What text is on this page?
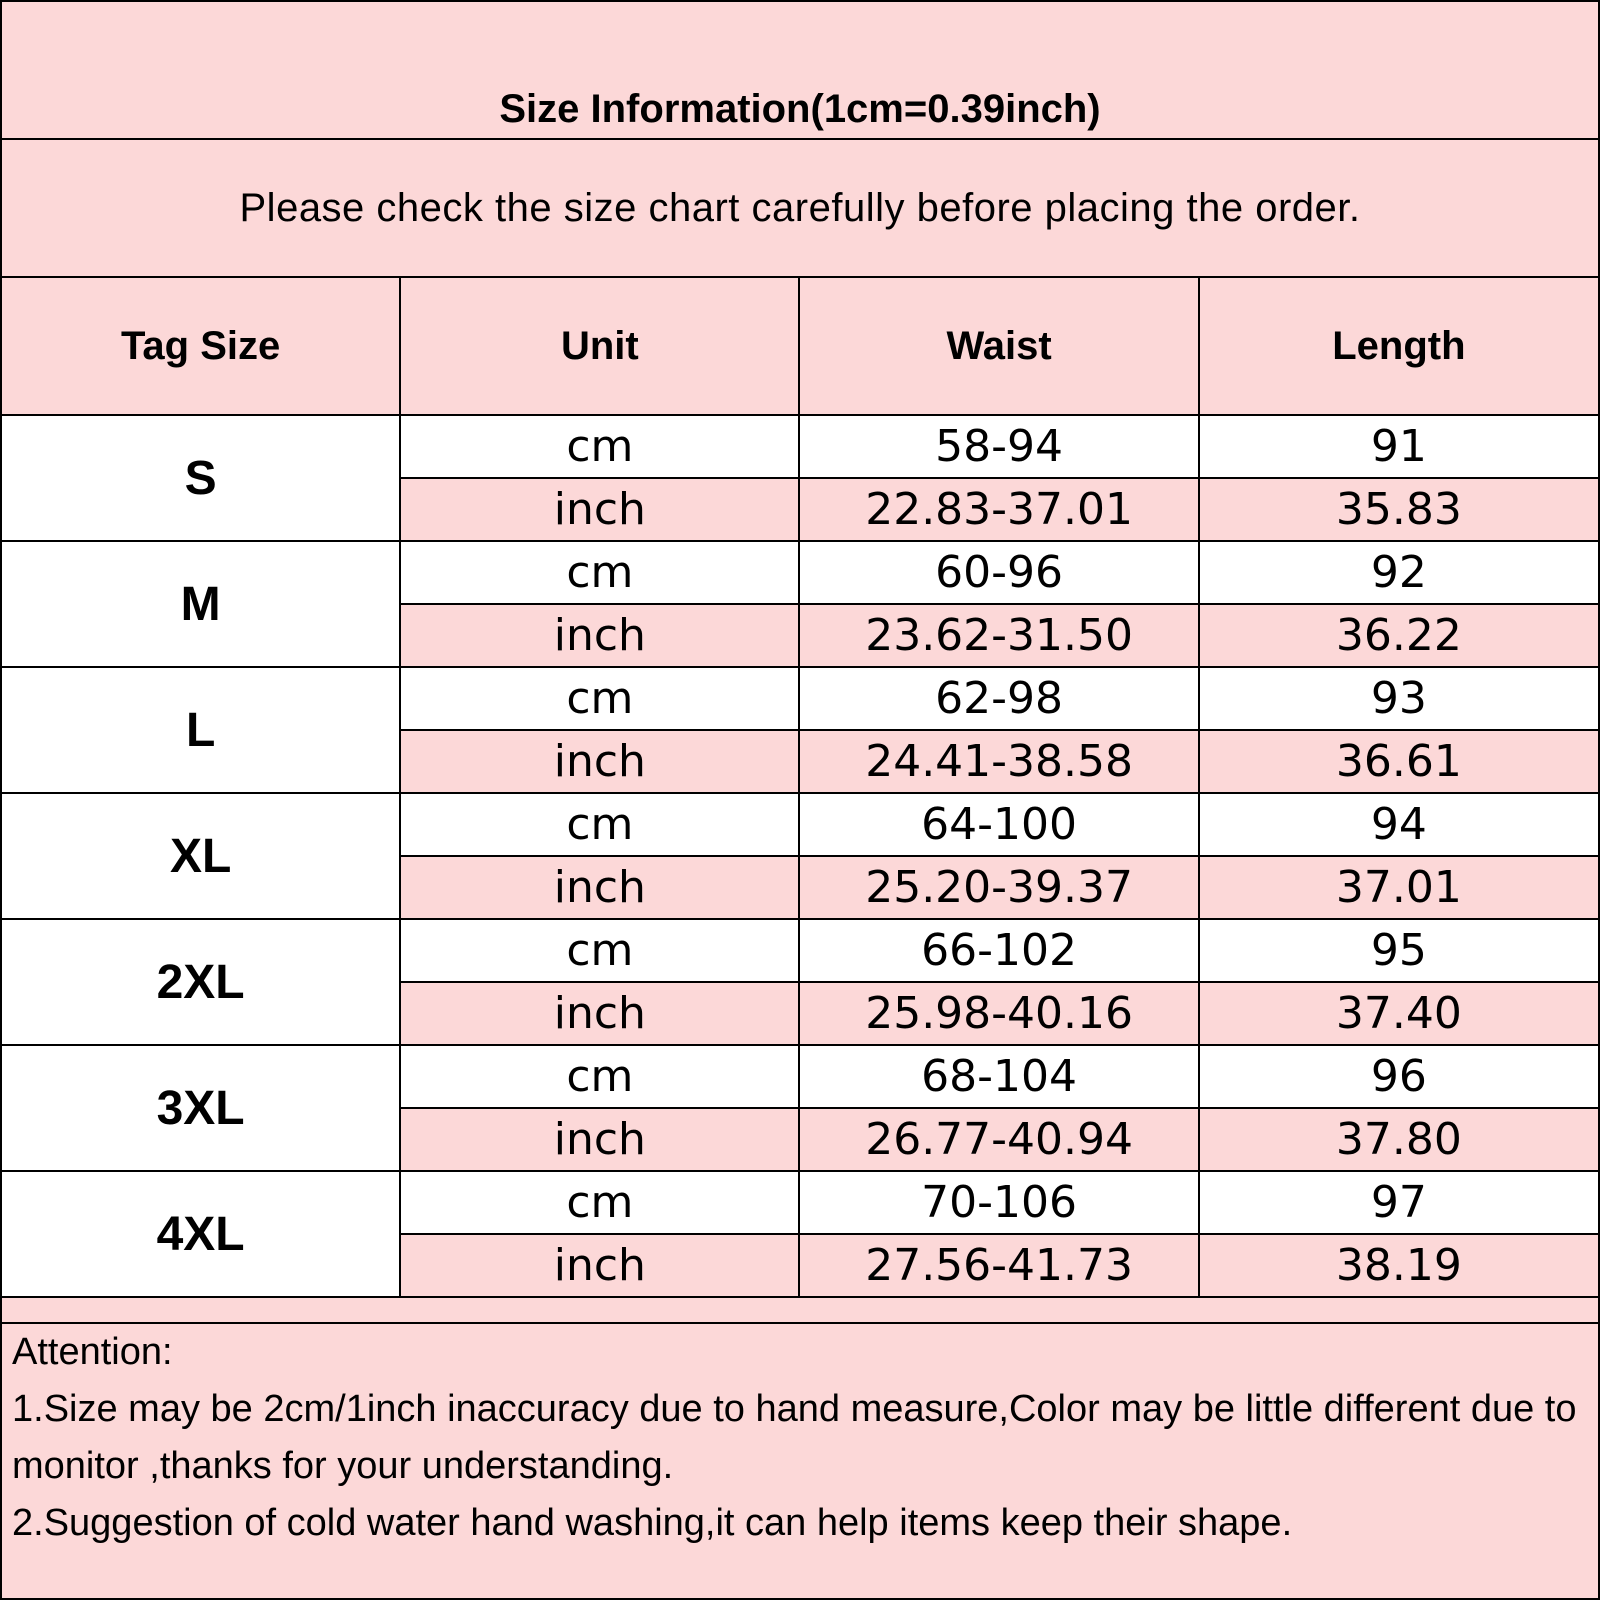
Size Information(1cm=0.39inch)
Please check the size chart carefully before placing the order.
Tag Size	Unit	Waist	Length
S	cm	58-94	91
	inch	22.83-37.01	35.83
M	cm	60-96	92
	inch	23.62-31.50	36.22
L	cm	62-98	93
	inch	24.41-38.58	36.61
XL	cm	64-100	94
	inch	25.20-39.37	37.01
2XL	cm	66-102	95
	inch	25.98-40.16	37.40
3XL	cm	68-104	96
	inch	26.77-40.94	37.80
4XL	cm	70-106	97
	inch	27.56-41.73	38.19

Attention:

1.Size may be 2cm/1inch inaccuracy due to hand measure,Color may be little different due to monitor ,thanks for your understanding.

2.Suggestion of cold water hand washing,it can help items keep their shape.
